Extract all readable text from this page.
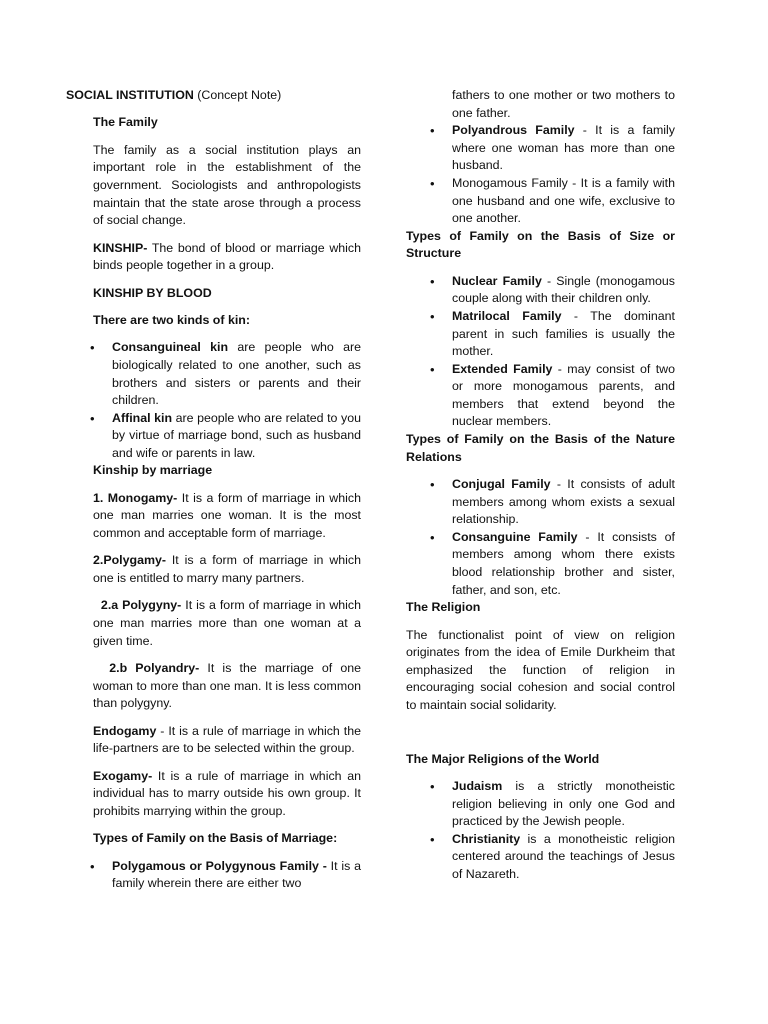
SOCIAL INSTITUTION (Concept Note)

The Family

The family as a social institution plays an important role in the establishment of the government. Sociologists and anthropologists maintain that the state arose through a process of social change.

KINSHIP- The bond of blood or marriage which binds people together in a group.

KINSHIP BY BLOOD

There are two kinds of kin:

• Consanguineal kin are people who are biologically related to one another, such as brothers and sisters or parents and their children.
• Affinal kin are people who are related to you by virtue of marriage bond, such as husband and wife or parents in law.

Kinship by marriage

1. Monogamy- It is a form of marriage in which one man marries one woman. It is the most common and acceptable form of marriage.

2.Polygamy- It is a form of marriage in which one is entitled to marry many partners.

2.a Polygyny- It is a form of marriage in which one man marries more than one woman at a given time.

2.b Polyandry- It is the marriage of one woman to more than one man. It is less common than polygyny.

Endogamy - It is a rule of marriage in which the life-partners are to be selected within the group.

Exogamy- It is a rule of marriage in which an individual has to marry outside his own group. It prohibits marrying within the group.

Types of Family on the Basis of Marriage:

• Polygamous or Polygynous Family - It is a family wherein there are either two

fathers to one mother or two mothers to one father.

• Polyandrous Family - It is a family where one woman has more than one husband.
• Monogamous Family - It is a family with one husband and one wife, exclusive to one another.

Types of Family on the Basis of Size or Structure

• Nuclear Family - Single (monogamous couple along with their children only.
• Matrilocal Family - The dominant parent in such families is usually the mother.
• Extended Family - may consist of two or more monogamous parents, and members that extend beyond the nuclear members.

Types of Family on the Basis of the Nature Relations

• Conjugal Family - It consists of adult members among whom exists a sexual relationship.
• Consanguine Family - It consists of members among whom there exists blood relationship brother and sister, father, and son, etc.

The Religion

The functionalist point of view on religion originates from the idea of Emile Durkheim that emphasized the function of religion in encouraging social cohesion and social control to maintain social solidarity.

The Major Religions of the World

• Judaism is a strictly monotheistic religion believing in only one God and practiced by the Jewish people.
• Christianity is a monotheistic religion centered around the teachings of Jesus of Nazareth.
